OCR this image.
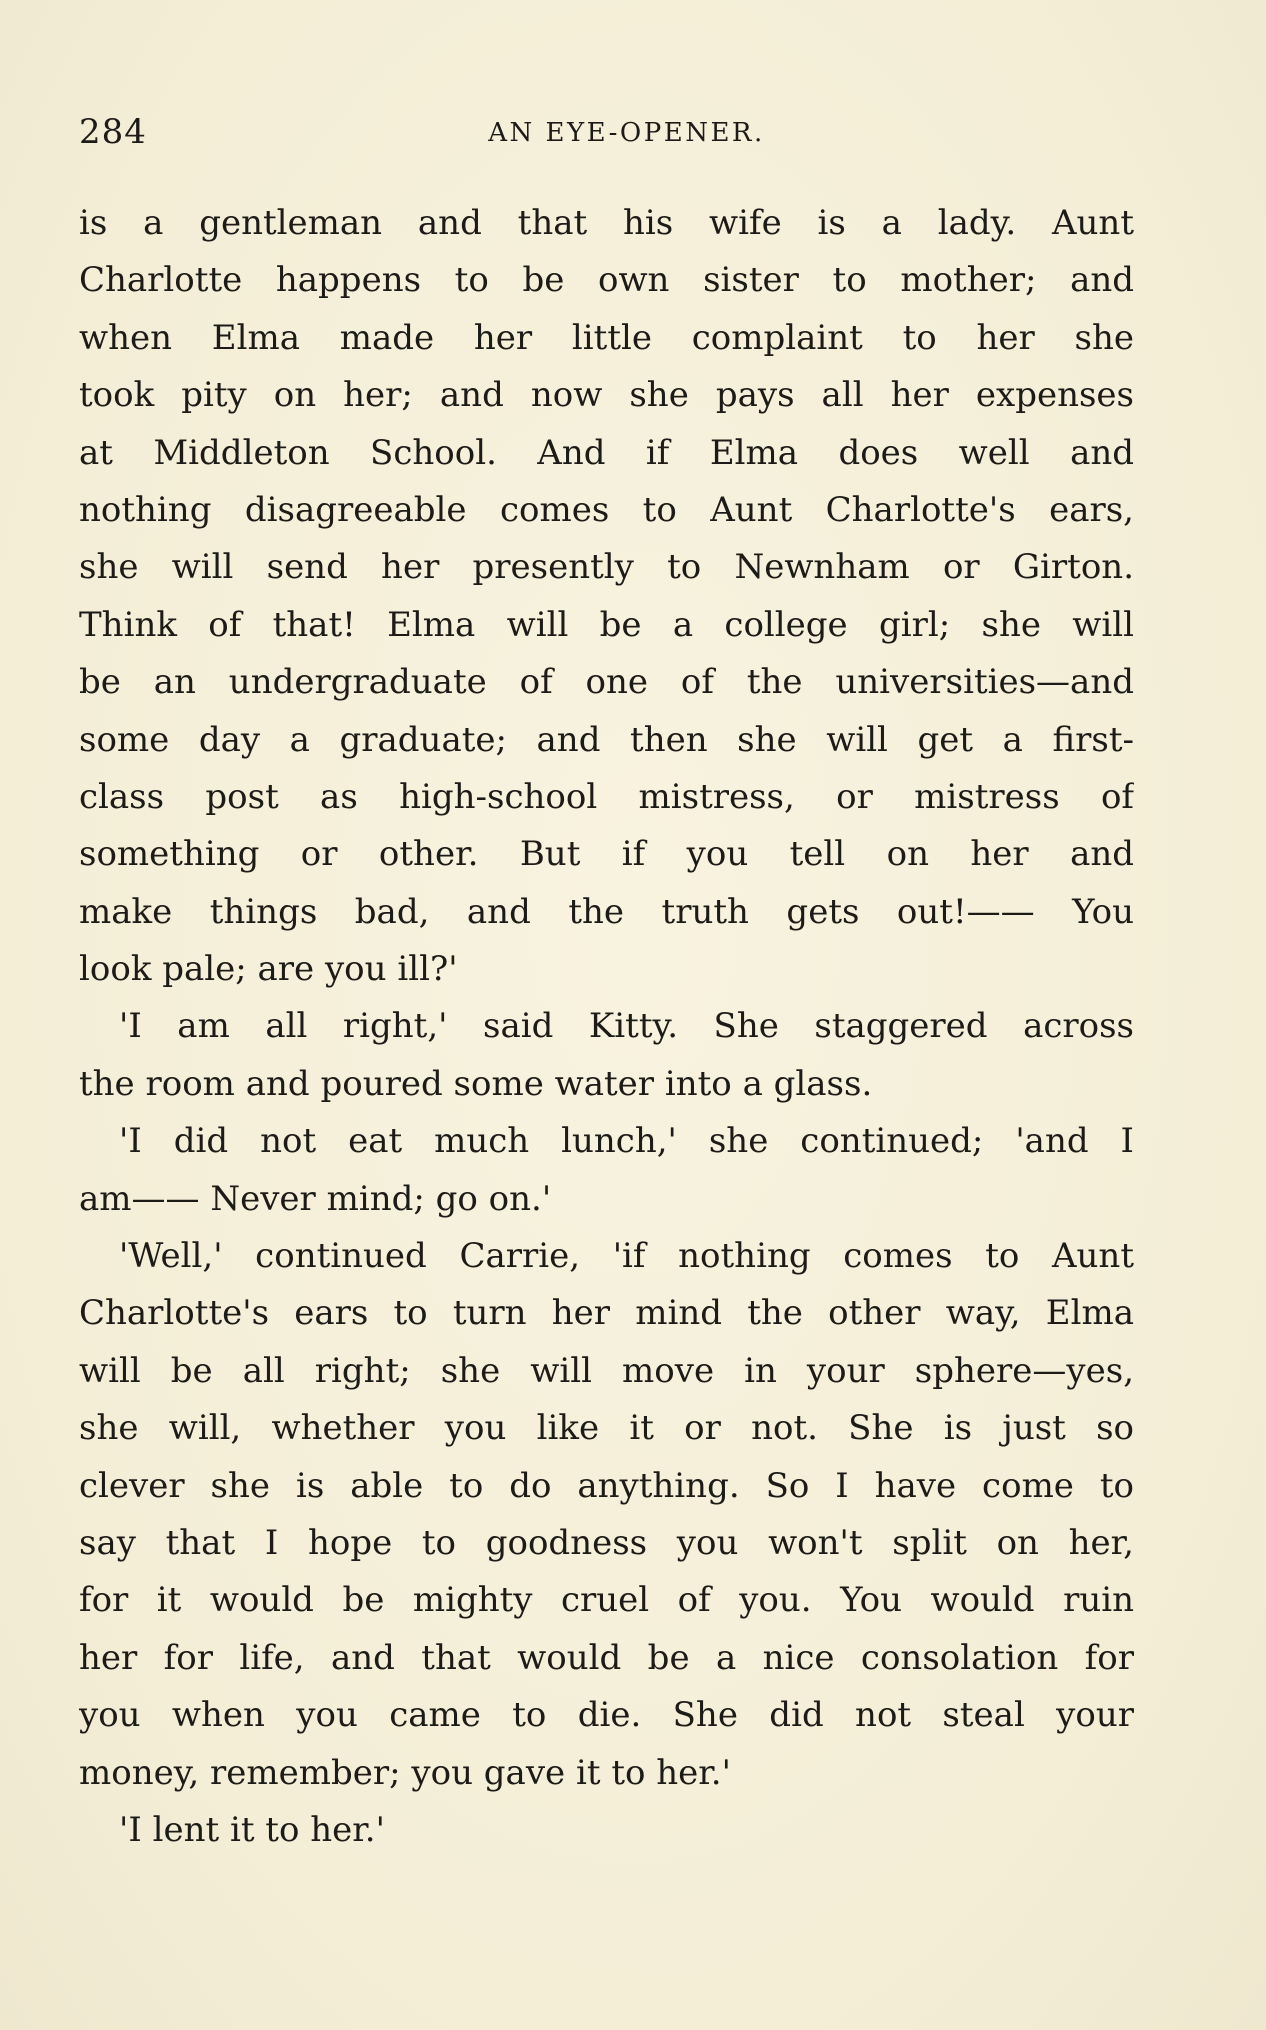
284	AN EYE-OPENER.
is a gentleman and that his wife is a lady. Aunt
Charlotte happens to be own sister to mother; and
when Elma made her little complaint to her she
took pity on her; and now she pays all her expenses
at Middleton School. And if Elma does well and
nothing disagreeable comes to Aunt Charlotte's ears,
she will send her presently to Newnham or Girton.
Think of that! Elma will be a college girl; she will
be an undergraduate of one of the universities—and
some day a graduate; and then she will get a first-
class post as high-school mistress, or mistress of
something or other. But if you tell on her and
make things bad, and the truth gets out!—— You
look pale; are you ill?'
'I am all right,' said Kitty. She staggered across
the room and poured some water into a glass.
'I did not eat much lunch,' she continued; 'and I
am—— Never mind; go on.'
'Well,' continued Carrie, 'if nothing comes to Aunt
Charlotte's ears to turn her mind the other way, Elma
will be all right; she will move in your sphere—yes,
she will, whether you like it or not. She is just so
clever she is able to do anything. So I have come to
say that I hope to goodness you won't split on her,
for it would be mighty cruel of you. You would ruin
her for life, and that would be a nice consolation for
you when you came to die. She did not steal your
money, remember; you gave it to her.'
'I lent it to her.'
